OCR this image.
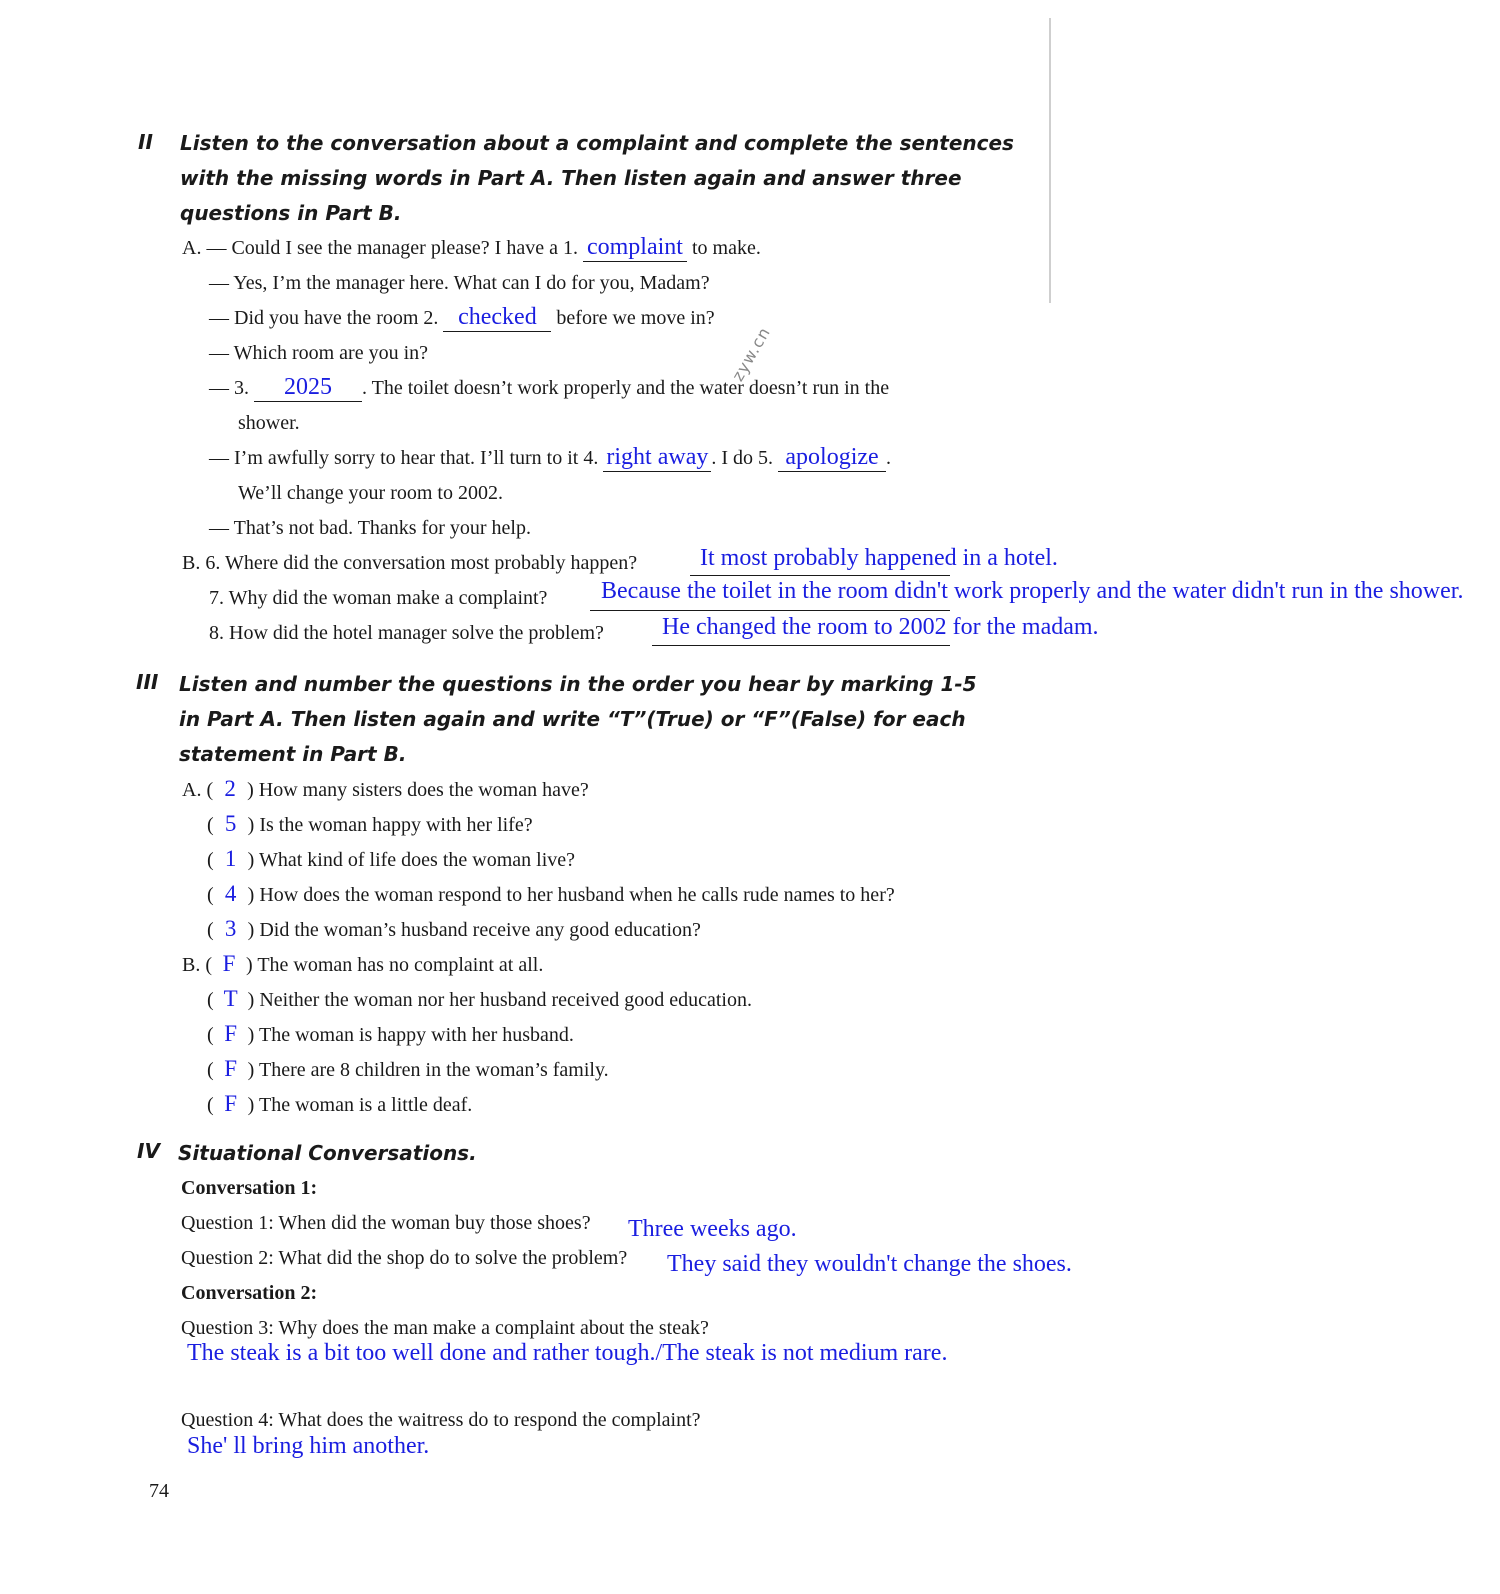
II Listen to the conversation about a complaint and complete the sentences
with the missing words in Part A. Then listen again and answer three
questions in Part B.
A. — Could I see the manager please? I have a 1. complaint to make.
— Yes, I’m the manager here. What can I do for you, Madam?
— Did you have the room 2. checked before we move in?
— Which room are you in?
— 3. 2025 . The toilet doesn’t work properly and the water doesn’t run in the
shower.
zyw.cn
— I’m awfully sorry to hear that. I’ll turn to it 4. right away . I do 5. apologize .
We’ll change your room to 2002.
— That’s not bad. Thanks for your help.
B. 6. Where did the conversation most probably happen?	It most probably happened in a hotel.
7. Why did the woman make a complaint? Because the toilet in the room didn't work properly and the water didn't run in the shower.
8. How did the hotel manager solve the problem? He changed the room to 2002 for the madam.
III Listen and number the questions in the order you hear by marking 1-5
in Part A. Then listen again and write “T”(True) or “F”(False) for each
statement in Part B.
A. ( 2 ) How many sisters does the woman have?
( 5 ) Is the woman happy with her life?
( 1 ) What kind of life does the woman live?
( 4 ) How does the woman respond to her husband when he calls rude names to her?
( 3 ) Did the woman’s husband receive any good education?
B. ( F ) The woman has no complaint at all.
( T ) Neither the woman nor her husband received good education.
( F ) The woman is happy with her husband.
( F ) There are 8 children in the woman’s family.
( F ) The woman is a little deaf.
IV Situational Conversations.
Conversation 1:
Question 1: When did the woman buy those shoes? Three weeks ago.
Question 2: What did the shop do to solve the problem? They said they wouldn't change the shoes.
Conversation 2:
Question 3: Why does the man make a complaint about the steak?
The steak is a bit too well done and rather tough./The steak is not medium rare.
Question 4: What does the waitress do to respond the complaint?
She' ll bring him another.
74
